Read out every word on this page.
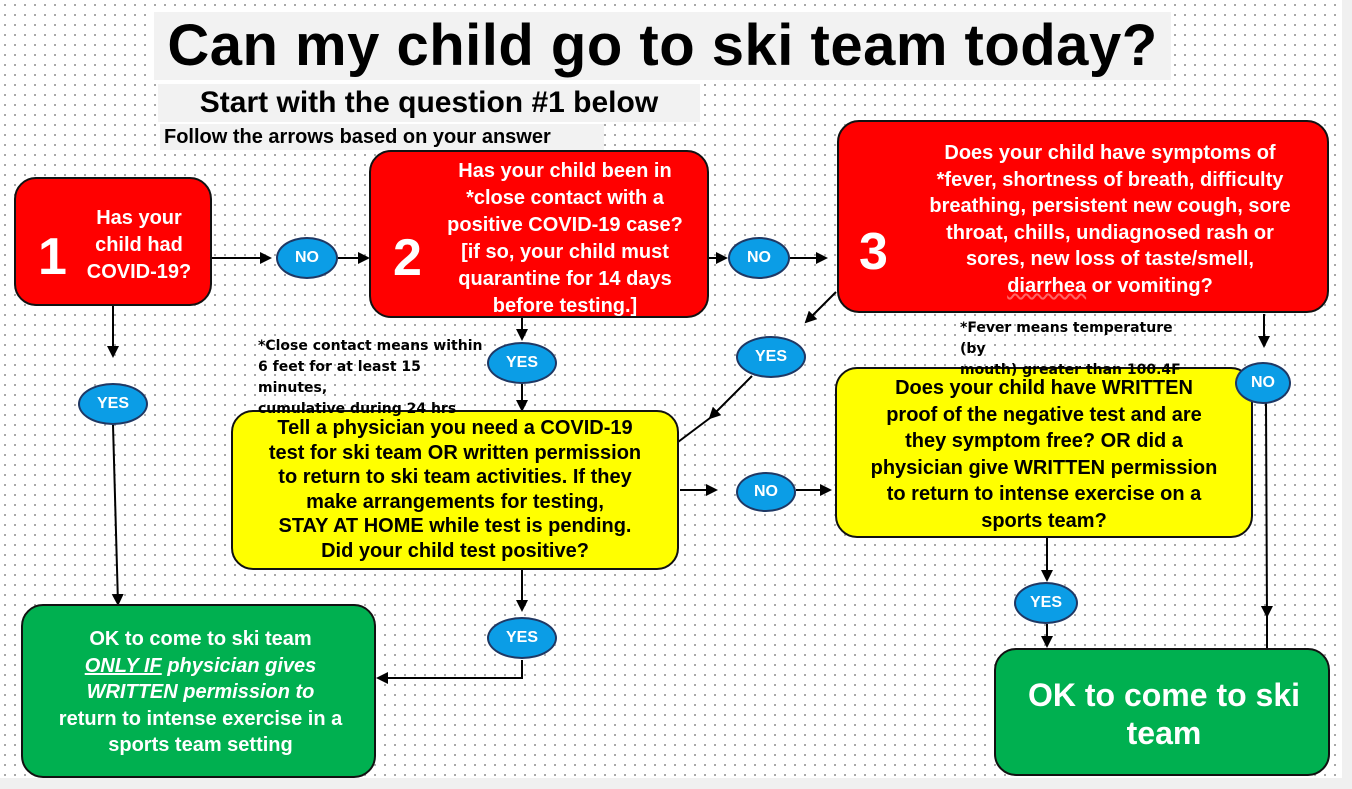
Can my child go to ski team today?
Start with the question #1 below
Follow the arrows based on your answer
1
Has your
child had
COVID-19?	2
Has your child been in
*close contact with a
positive COVID-19 case?
[if so, your child must
quarantine for 14 days
before testing.]
3
Does your child have symptoms of
*fever, shortness of breath, difficulty
breathing, persistent new cough, sore
throat, chills, undiagnosed rash or
sores, new loss of taste/smell,
diarrhea or vomiting?
Tell a physician you need a COVID-19
test for ski team OR written permission
to return to ski team activities. If they
make arrangements for testing,
STAY AT HOME while test is pending.
Did your child test positive?
Does your child have WRITTEN
proof of the negative test and are
they symptom free? OR did a
physician give WRITTEN permission
to return to intense exercise on a
sports team?
OK to come to ski team
ONLY IF physician gives
WRITTEN permission to
return to intense exercise in a
sports team setting
OK to come to ski
team
*Close contact means within
6 feet for at least 15 minutes,
cumulative during 24 hrs
*Fever means temperature (by
mouth) greater than 100.4F
NO
YES
NO
YES	YES
NO
NO
YES
YES
